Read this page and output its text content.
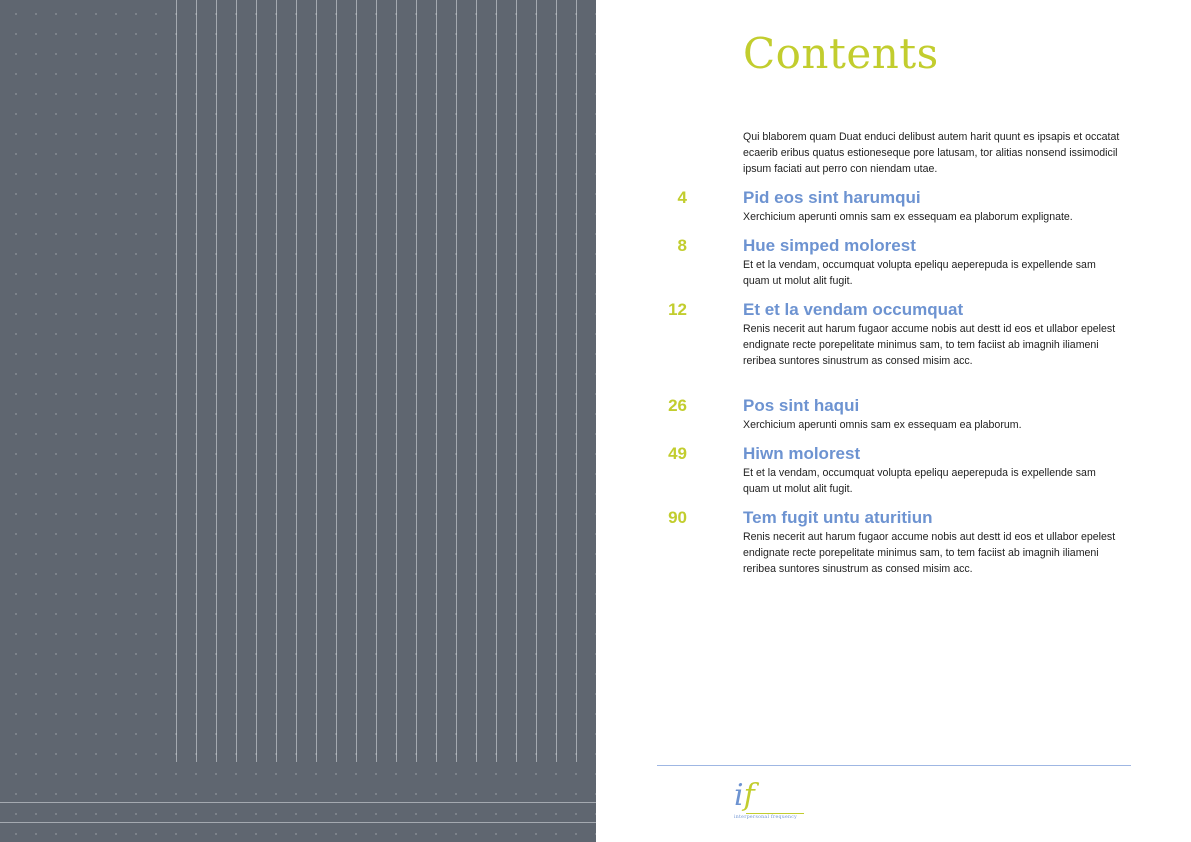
Contents

Qui blaborem quam Duat enduci delibust autem harit quunt es ipsapis et occatat ecaerib eribus quatus estioneseque pore latusam, tor alitias nonsend issimodicil ipsum faciati aut perro con niendam utae.

4	Pid eos sint harumqui

Xerchicium aperunti omnis sam ex essequam ea plaborum explignate.

8	Hue simped molorest

Et et la vendam, occumquat volupta epeliqu aeperepuda is expellende sam quam ut molut alit fugit.

12	Et et la vendam occumquat

Renis necerit aut harum fugaor accume nobis aut destt id eos et ullabor epelest endignate recte porepelitate minimus sam, to tem faciist ab imagnih iliameni reribea suntores sinustrum as consed misim acc.

26	Pos sint haqui

Xerchicium aperunti omnis sam ex essequam ea plaborum.

49	Hiwn molorest

Et et la vendam, occumquat volupta epeliqu aeperepuda is expellende sam quam ut molut alit fugit.

90	Tem fugit untu aturitiun

Renis necerit aut harum fugaor accume nobis aut destt id eos et ullabor epelest endignate recte porepelitate minimus sam, to tem faciist ab imagnih iliameni reribea suntores sinustrum as consed misim acc.

if
interpersonal frequency
